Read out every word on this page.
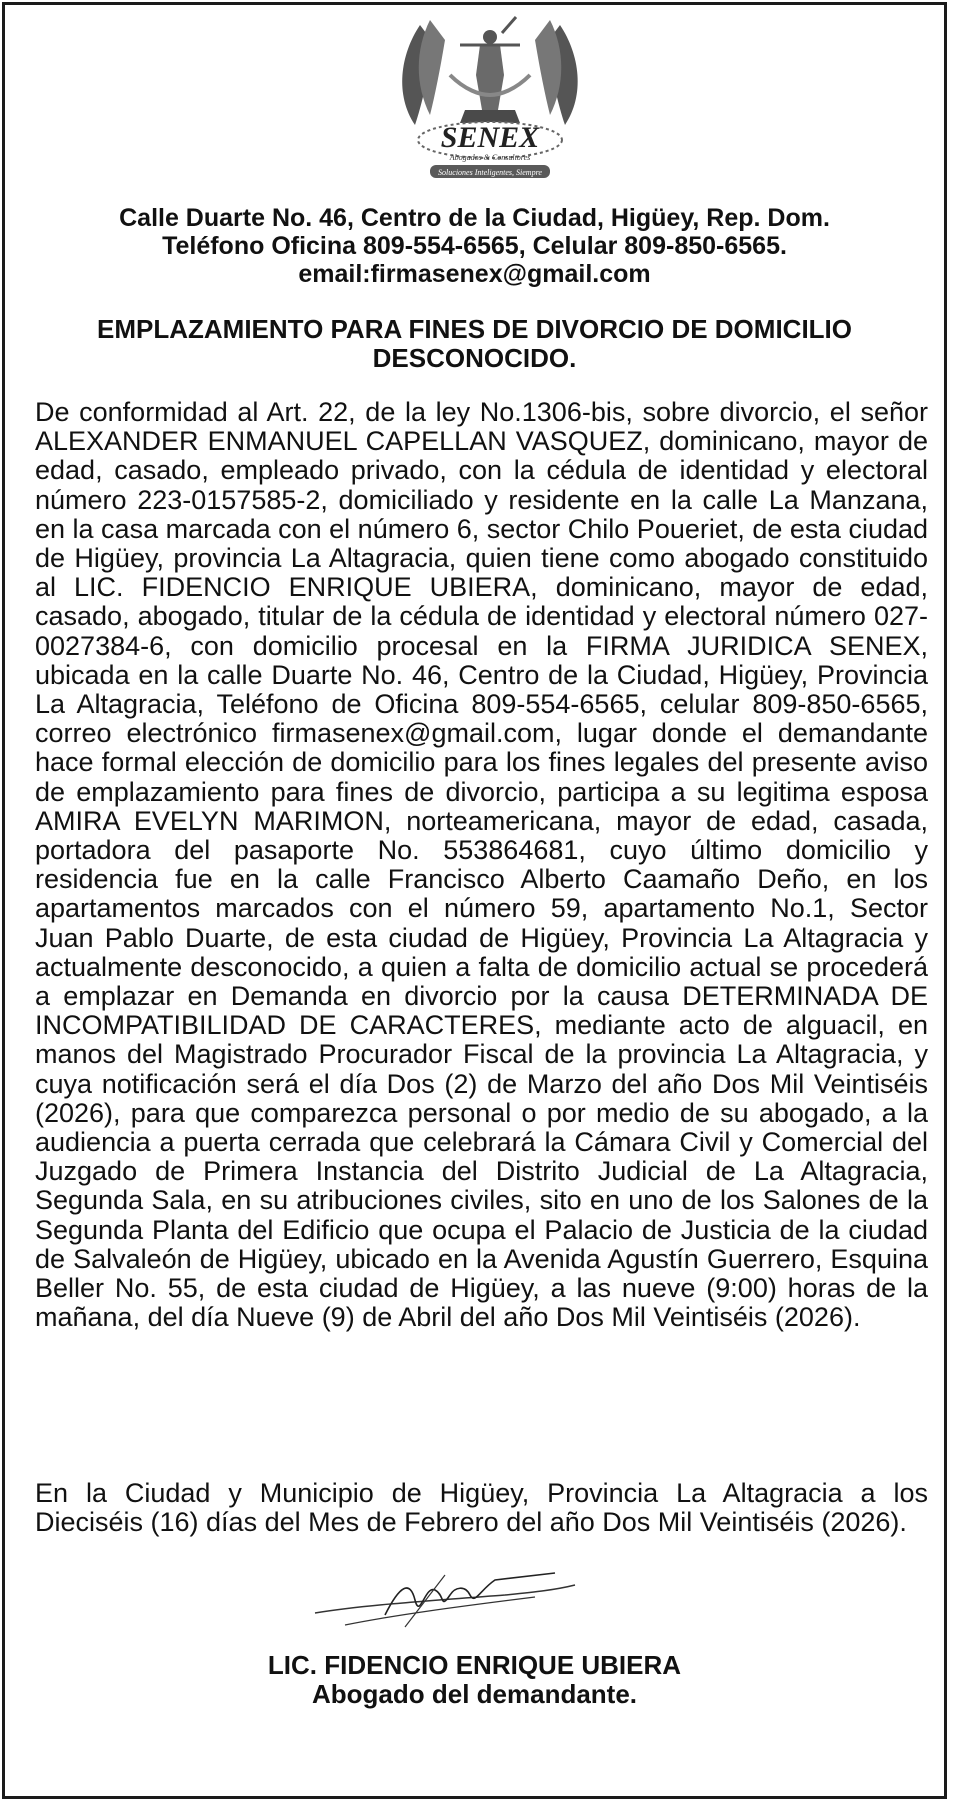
SENEX
Abogados & Consultores
Soluciones Inteligentes, Siempre
Calle Duarte No. 46, Centro de la Ciudad, Higüey, Rep. Dom.
Teléfono Oficina 809-554-6565, Celular 809-850-6565.
email:firmasenex@gmail.com
EMPLAZAMIENTO PARA FINES DE DIVORCIO DE DOMICILIO DESCONOCIDO.
De conformidad al Art. 22, de la ley No.1306-bis, sobre divorcio, el señor ALEXANDER ENMANUEL CAPELLAN VASQUEZ, dominicano, mayor de edad, casado, empleado privado, con la cédula de identidad y electoral número 223-0157585-2, domiciliado y residente en la calle La Manzana, en la casa marcada con el número 6, sector Chilo Poueriet, de esta ciudad de Higüey, provincia La Altagracia, quien tiene como abogado constituido al LIC. FIDENCIO ENRIQUE UBIERA, dominicano, mayor de edad, casado, abogado, titular de la cédula de identidad y electoral número 027-0027384-6, con domicilio procesal en la FIRMA JURIDICA SENEX, ubicada en la calle Duarte No. 46, Centro de la Ciudad, Higüey, Provincia La Altagracia, Teléfono de Oficina 809-554-6565, celular 809-850-6565, correo electrónico firmasenex@gmail.com, lugar donde el demandante hace formal elección de domicilio para los fines legales del presente aviso de emplazamiento para fines de divorcio, participa a su legitima esposa AMIRA EVELYN MARIMON, norteamericana, mayor de edad, casada, portadora del pasaporte No. 553864681, cuyo último domicilio y residencia fue en la calle Francisco Alberto Caamaño Deño, en los apartamentos marcados con el número 59, apartamento No.1, Sector Juan Pablo Duarte, de esta ciudad de Higüey, Provincia La Altagracia y actualmente desconocido, a quien a falta de domicilio actual se procederá a emplazar en Demanda en divorcio por la causa DETERMINADA DE INCOMPATIBILIDAD DE CARACTERES, mediante acto de alguacil, en manos del Magistrado Procurador Fiscal de la provincia La Altagracia, y cuya notificación será el día Dos (2) de Marzo del año Dos Mil Veintiséis (2026), para que comparezca personal o por medio de su abogado, a la audiencia a puerta cerrada que celebrará la Cámara Civil y Comercial del Juzgado de Primera Instancia del Distrito Judicial de La Altagracia, Segunda Sala, en su atribuciones civiles, sito en uno de los Salones de la Segunda Planta del Edificio que ocupa el Palacio de Justicia de la ciudad de Salvaleón de Higüey, ubicado en la Avenida Agustín Guerrero, Esquina Beller No. 55, de esta ciudad de Higüey, a las nueve (9:00) horas de la mañana, del día Nueve (9) de Abril del año Dos Mil Veintiséis (2026).
En la Ciudad y Municipio de Higüey, Provincia La Altagracia a los Dieciséis (16) días del Mes de Febrero del año Dos Mil Veintiséis (2026).
LIC. FIDENCIO ENRIQUE UBIERA
Abogado del demandante.
